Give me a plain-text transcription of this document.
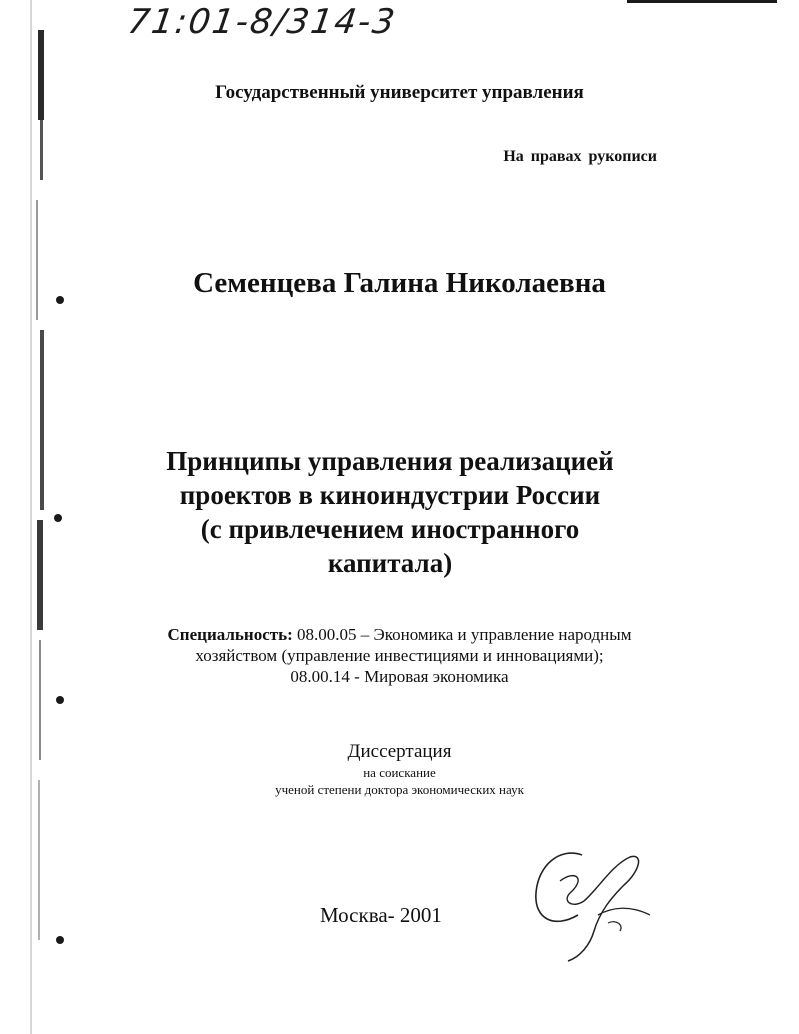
71:01-8/314-3
Государственный университет управления
На правах рукописи
Семенцева Галина Николаевна
Принципы управления реализацией
проектов в киноиндустрии России
(с привлечением иностранного
капитала)
Специальность: 08.00.05 – Экономика и управление народным
хозяйством (управление инвестициями и инновациями);
08.00.14 - Мировая экономика
Диссертация
на соискание
ученой степени доктора экономических наук
Москва- 2001
